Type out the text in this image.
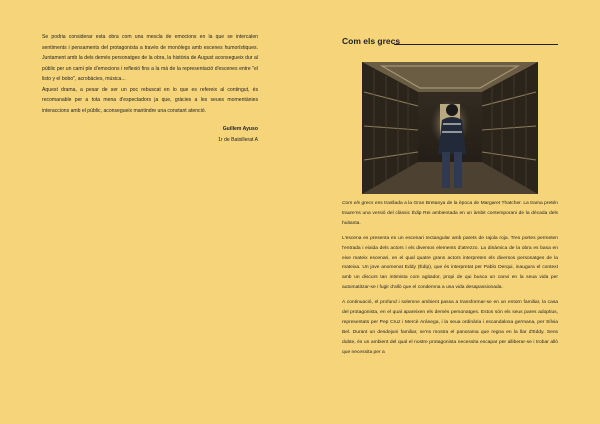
Se podria considerar esta obra com una mescla de emocions en la que se intercalen sentiments i pensaments del protagonista a través de monòlegs amb escenes humorístiques. Juntament amb la dels demés personatges de la obra, la història de August aconsegueix dur al públic per un camí ple d'emocions i reflexió fins a la mà de la representació d'escenes entre "el listo y el bobo", acrobàcies, música...

Aquest drama, a pesar de ser un poc rebuscat en lo que es refereix al contingut, és recomanable per a tota mena d'espectadors ja que, gràcies a les seues momentànies interaccions amb el públic, aconsegueix mantindre una constant atenció.

Guillem Ayuso
1r de Batxillerat A
Com els grecs

Com els grecs ens trasllada a la Gran Bretanya de la època de Margaret Thatcher. La trama pretén traure'ns una versió del clàssic Èdip Rei ambientada en un àmbit contemporani de la dècada dels huitanta.

L'escena es presenta en un escenari rectangular amb parets de rajola roja. Tres portes permeten l'entrada i eixida dels actors i els diversos elements d'atrezzo. La dinàmica de la obra es basa en eixe mateix escenari, en el qual quatre grans actors interpreten els diversos personatges de la mateixa. Un jove anomenat Eddy (Èdip), que és interpretat per Pablo Derqui, inaugura el context amb un discurs tan intimista com agitador, propi de qui busca un canvi en la seua vida per automatitzar-se i fugir d'allò que el condemna a una vida desapassionada.

A continuació, el profund i solemne ambient passa a transformar-se en un entorn familiar, la casa del protagonista, en el qual apareixen els demés personatges. Estos són els seus pares adoptius, representats per Pep Cruz i Mercè Aránega, i la seua ordinària i escandalosa germana, per Sílvia Bel. Durant un desdejuni familiar, se'ns mostra el panorama que regna en la llar d'Eddy. Sens dubte, és un ambient del qual el nostre protagonista necessita escapar per alliberar-se i trobar allò que necessita per a
